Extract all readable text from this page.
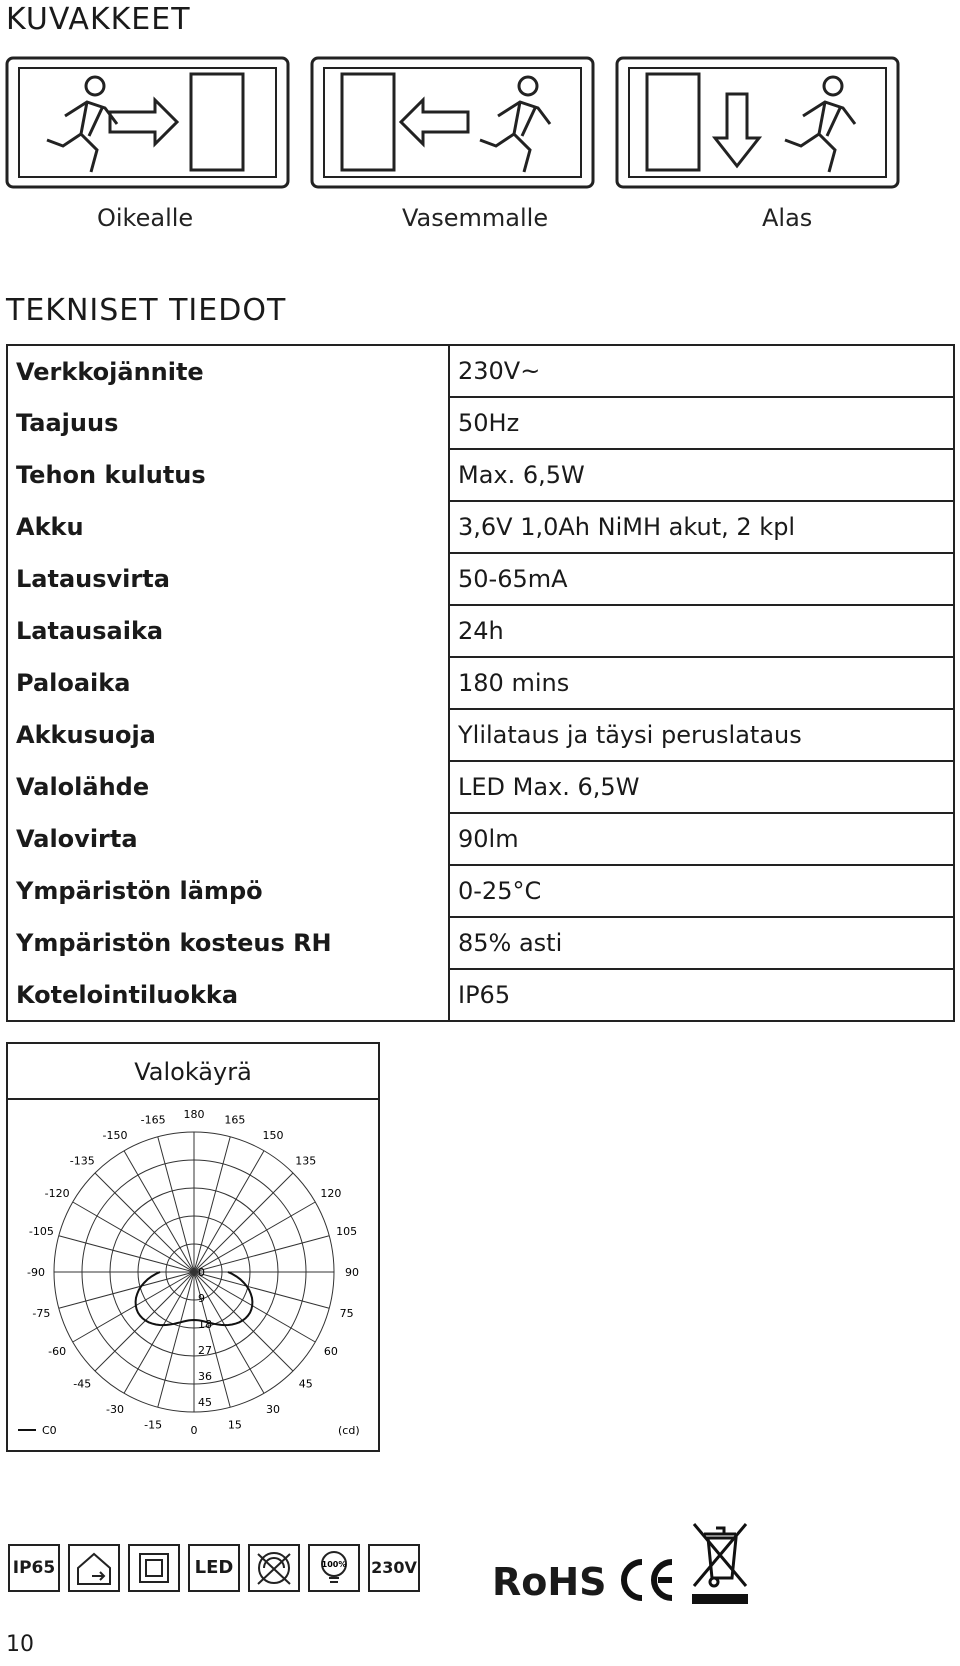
KUVAKKEET
Oikealle	Vasemmalle	Alas
TEKNISET TIEDOT
Verkkojännite	230V~
Taajuus	50Hz
Tehon kulutus	Max. 6,5W
Akku	3,6V 1,0Ah NiMH akut, 2 kpl
Latausvirta	50-65mA
Latausaika	24h
Paloaika	180 mins
Akkusuoja	Ylilataus ja täysi peruslataus
Valolähde	LED Max. 6,5W
Valovirta	90lm
Ympäristön lämpö	0-25°C
Ympäristön kosteus RH	85% asti
Kotelointiluokka	IP65
Valokäyrä
-165
-150
-135
-120
-105
-90
-75
-60
-45
-30
-15
165
150
135
120
105
90
75
60
45
30
15
180
0
0
9
18
27
36
45
C0	(cd)
IP65	LED	100% 230V RoHS
10
